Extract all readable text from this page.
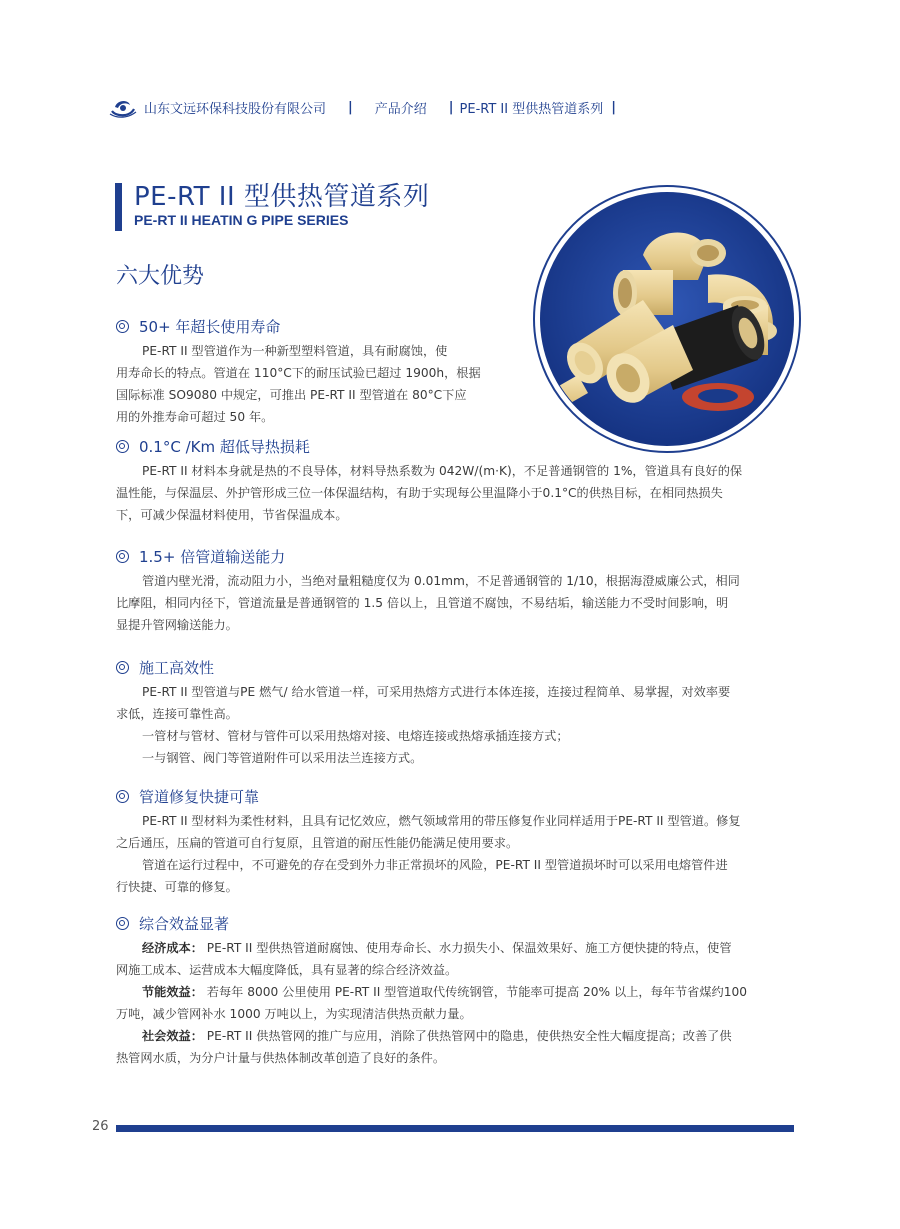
山东文远环保科技股份有限公司 | 产品介绍 | PE-RT II 型供热管道系列 |
PE-RT II 型供热管道系列
PE-RT II HEATIN G PIPE SERIES
六大优势
50+ 年超长使用寿命

PE-RT II 型管道作为一种新型塑料管道，具有耐腐蚀，使

用寿命长的特点。管道在 110°C下的耐压试验已超过 1900h，根据
国际标准 SO9080 中规定，可推出 PE-RT II 型管道在 80°C下应
用的外推寿命可超过 50 年。
0.1°C /Km 超低导热损耗

PE-RT II 材料本身就是热的不良导体，材料导热系数为 042W/(m·K)，不足普通钢管的 1%，管道具有良好的保

温性能，与保温层、外护管形成三位一体保温结构，有助于实现每公里温降小于0.1°C的供热目标，在相同热损失
下，可减少保温材料使用，节省保温成本。
1.5+ 倍管道输送能力

管道内壁光滑，流动阻力小，当绝对量粗糙度仅为 0.01mm，不足普通钢管的 1/10，根据海澄威廉公式，相同

比摩阻，相同内径下，管道流量是普通钢管的 1.5 倍以上，且管道不腐蚀，不易结垢，输送能力不受时间影响，明
显提升管网输送能力。
施工高效性

PE-RT II 型管道与PE 燃气/ 给水管道一样，可采用热熔方式进行本体连接，连接过程简单、易掌握，对效率要

求低，连接可靠性高。

一管材与管材、管材与管件可以采用热熔对接、电熔连接或热熔承插连接方式；

一与钢管、阀门等管道附件可以采用法兰连接方式。

管道修复快捷可靠

PE-RT II 型材料为柔性材料，且具有记忆效应，燃气领域常用的带压修复作业同样适用于PE-RT II 型管道。修复

之后通压，压扁的管道可自行复原，且管道的耐压性能仍能满足使用要求。

管道在运行过程中，不可避免的存在受到外力非正常损坏的风险，PE-RT II 型管道损坏时可以采用电熔管件进

行快捷、可靠的修复。
综合效益显著

经济成本： PE-RT II 型供热管道耐腐蚀、使用寿命长、水力损失小、保温效果好、施工方便快捷的特点，使管

网施工成本、运营成本大幅度降低，具有显著的综合经济效益。

节能效益： 若每年 8000 公里使用 PE-RT II 型管道取代传统钢管，节能率可提高 20% 以上，每年节省煤约100

万吨，减少管网补水 1000 万吨以上，为实现清洁供热贡献力量。

社会效益： PE-RT II 供热管网的推广与应用，消除了供热管网中的隐患，使供热安全性大幅度提高；改善了供

热管网水质，为分户计量与供热体制改革创造了良好的条件。
26
